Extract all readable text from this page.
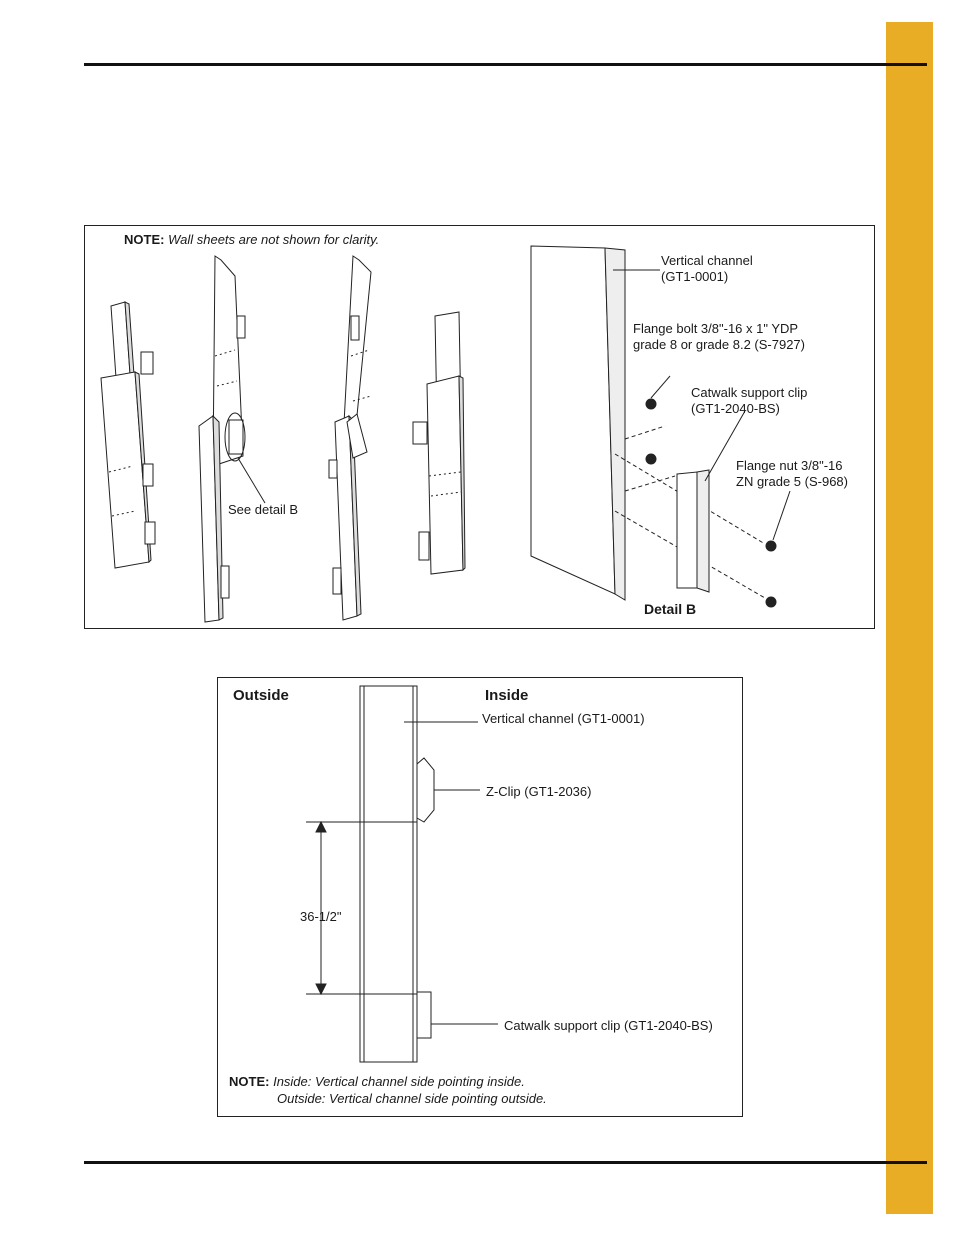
NOTE: Wall sheets are not shown for clarity.
See detail B
Vertical channel
(GT1-0001)
Flange bolt 3/8"-16 x 1" YDP
grade 8 or grade 8.2 (S-7927)
Catwalk support clip
(GT1-2040-BS)
Flange nut 3/8"-16
ZN grade 5 (S-968)
Detail B
Outside	Inside
Vertical channel (GT1-0001)
Z-Clip (GT1-2036)
36-1/2"
Catwalk support clip (GT1-2040-BS)
NOTE: Inside: Vertical channel side pointing inside.
Outside: Vertical channel side pointing outside.
